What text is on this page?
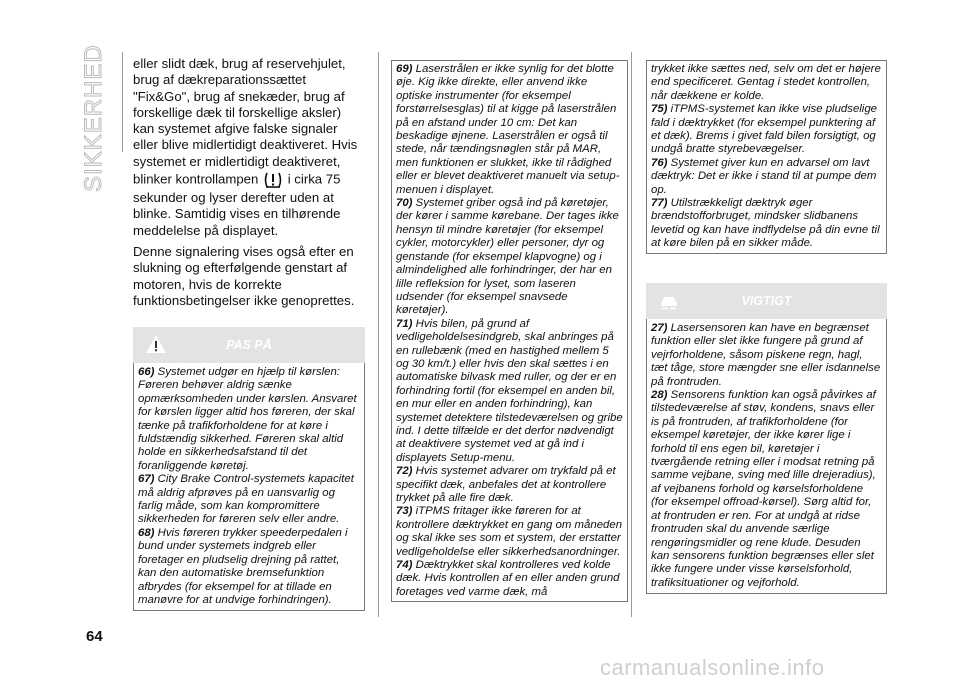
SIKKERHED eller slidt dæk, brug af reservehjulet, brug af dækreparationssættet "Fix&Go", brug af snekæder, brug af forskellige dæk til forskellige aksler) kan systemet afgive falske signaler eller blive midlertidigt deaktiveret. Hvis systemet er midlertidigt deaktiveret, blinker kontrollampen i cirka 75 sekunder og lyser derefter uden at blinke. Samtidig vises en tilhørende meddelelse på displayet.

Denne signalering vises også efter en slukning og efterfølgende genstart af motoren, hvis de korrekte funktionsbetingelser ikke genoprettes.

PAS PÅ

66) Systemet udgør en hjælp til kørslen: Føreren behøver aldrig sænke opmærksomheden under kørslen. Ansvaret for kørslen ligger altid hos føreren, der skal tænke på trafikforholdene for at køre i fuldstændig sikkerhed. Føreren skal altid holde en sikkerhedsafstand til det foranliggende køretøj.

67) City Brake Control-systemets kapacitet må aldrig afprøves på en uansvarlig og farlig måde, som kan kompromittere sikkerheden for føreren selv eller andre.

68) Hvis føreren trykker speederpedalen i bund under systemets indgreb eller foretager en pludselig drejning på rattet, kan den automatiske bremsefunktion afbrydes (for eksempel for at tillade en manøvre for at undvige forhindringen).

69) Laserstrålen er ikke synlig for det blotte øje. Kig ikke direkte, eller anvend ikke optiske instrumenter (for eksempel forstørrelsesglas) til at kigge på laserstrålen på en afstand under 10 cm: Det kan beskadige øjnene. Laserstrålen er også til stede, når tændingsnøglen står på MAR, men funktionen er slukket, ikke til rådighed eller er blevet deaktiveret manuelt via setup-menuen i displayet.

70) Systemet griber også ind på køretøjer, der kører i samme kørebane. Der tages ikke hensyn til mindre køretøjer (for eksempel cykler, motorcykler) eller personer, dyr og genstande (for eksempel klapvogne) og i almindelighed alle forhindringer, der har en lille refleksion for lyset, som laseren udsender (for eksempel snavsede køretøjer).

71) Hvis bilen, på grund af vedligeholdelsesindgreb, skal anbringes på en rullebænk (med en hastighed mellem 5 og 30 km/t.) eller hvis den skal sættes i en automatiske bilvask med ruller, og der er en forhindring fortil (for eksempel en anden bil, en mur eller en anden forhindring), kan systemet detektere tilstedeværelsen og gribe ind. I dette tilfælde er det derfor nødvendigt at deaktivere systemet ved at gå ind i displayets Setup-menu.

72) Hvis systemet advarer om trykfald på et specifikt dæk, anbefales det at kontrollere trykket på alle fire dæk.

73) iTPMS fritager ikke føreren for at kontrollere dæktrykket en gang om måneden og skal ikke ses som et system, der erstatter vedligeholdelse eller sikkerhedsanordninger.

74) Dæktrykket skal kontrolleres ved kolde dæk. Hvis kontrollen af en eller anden grund foretages ved varme dæk, må

trykket ikke sættes ned, selv om det er højere end specificeret. Gentag i stedet kontrollen, når dækkene er kolde.

75) iTPMS-systemet kan ikke vise pludselige fald i dæktrykket (for eksempel punktering af et dæk). Brems i givet fald bilen forsigtigt, og undgå bratte styrebevægelser.

76) Systemet giver kun en advarsel om lavt dæktryk: Det er ikke i stand til at pumpe dem op.

77) Utilstrækkeligt dæktryk øger brændstofforbruget, mindsker slidbanens levetid og kan have indflydelse på din evne til at køre bilen på en sikker måde.

VIGTIGT

27) Lasersensoren kan have en begrænset funktion eller slet ikke fungere på grund af vejrforholdene, såsom piskene regn, hagl, tæt tåge, store mængder sne eller isdannelse på frontruden.

28) Sensorens funktion kan også påvirkes af tilstedeværelse af støv, kondens, snavs eller is på frontruden, af trafikforholdene (for eksempel køretøjer, der ikke kører lige i forhold til ens egen bil, køretøjer i tværgående retning eller i modsat retning på samme vejbane, sving med lille drejeradius), af vejbanens forhold og kørselsforholdene (for eksempel offroad-kørsel). Sørg altid for, at frontruden er ren. For at undgå at ridse frontruden skal du anvende særlige rengøringsmidler og rene klude. Desuden kan sensorens funktion begrænses eller slet ikke fungere under visse kørselsforhold, trafiksituationer og vejforhold.

64
carmanualsonline.info
